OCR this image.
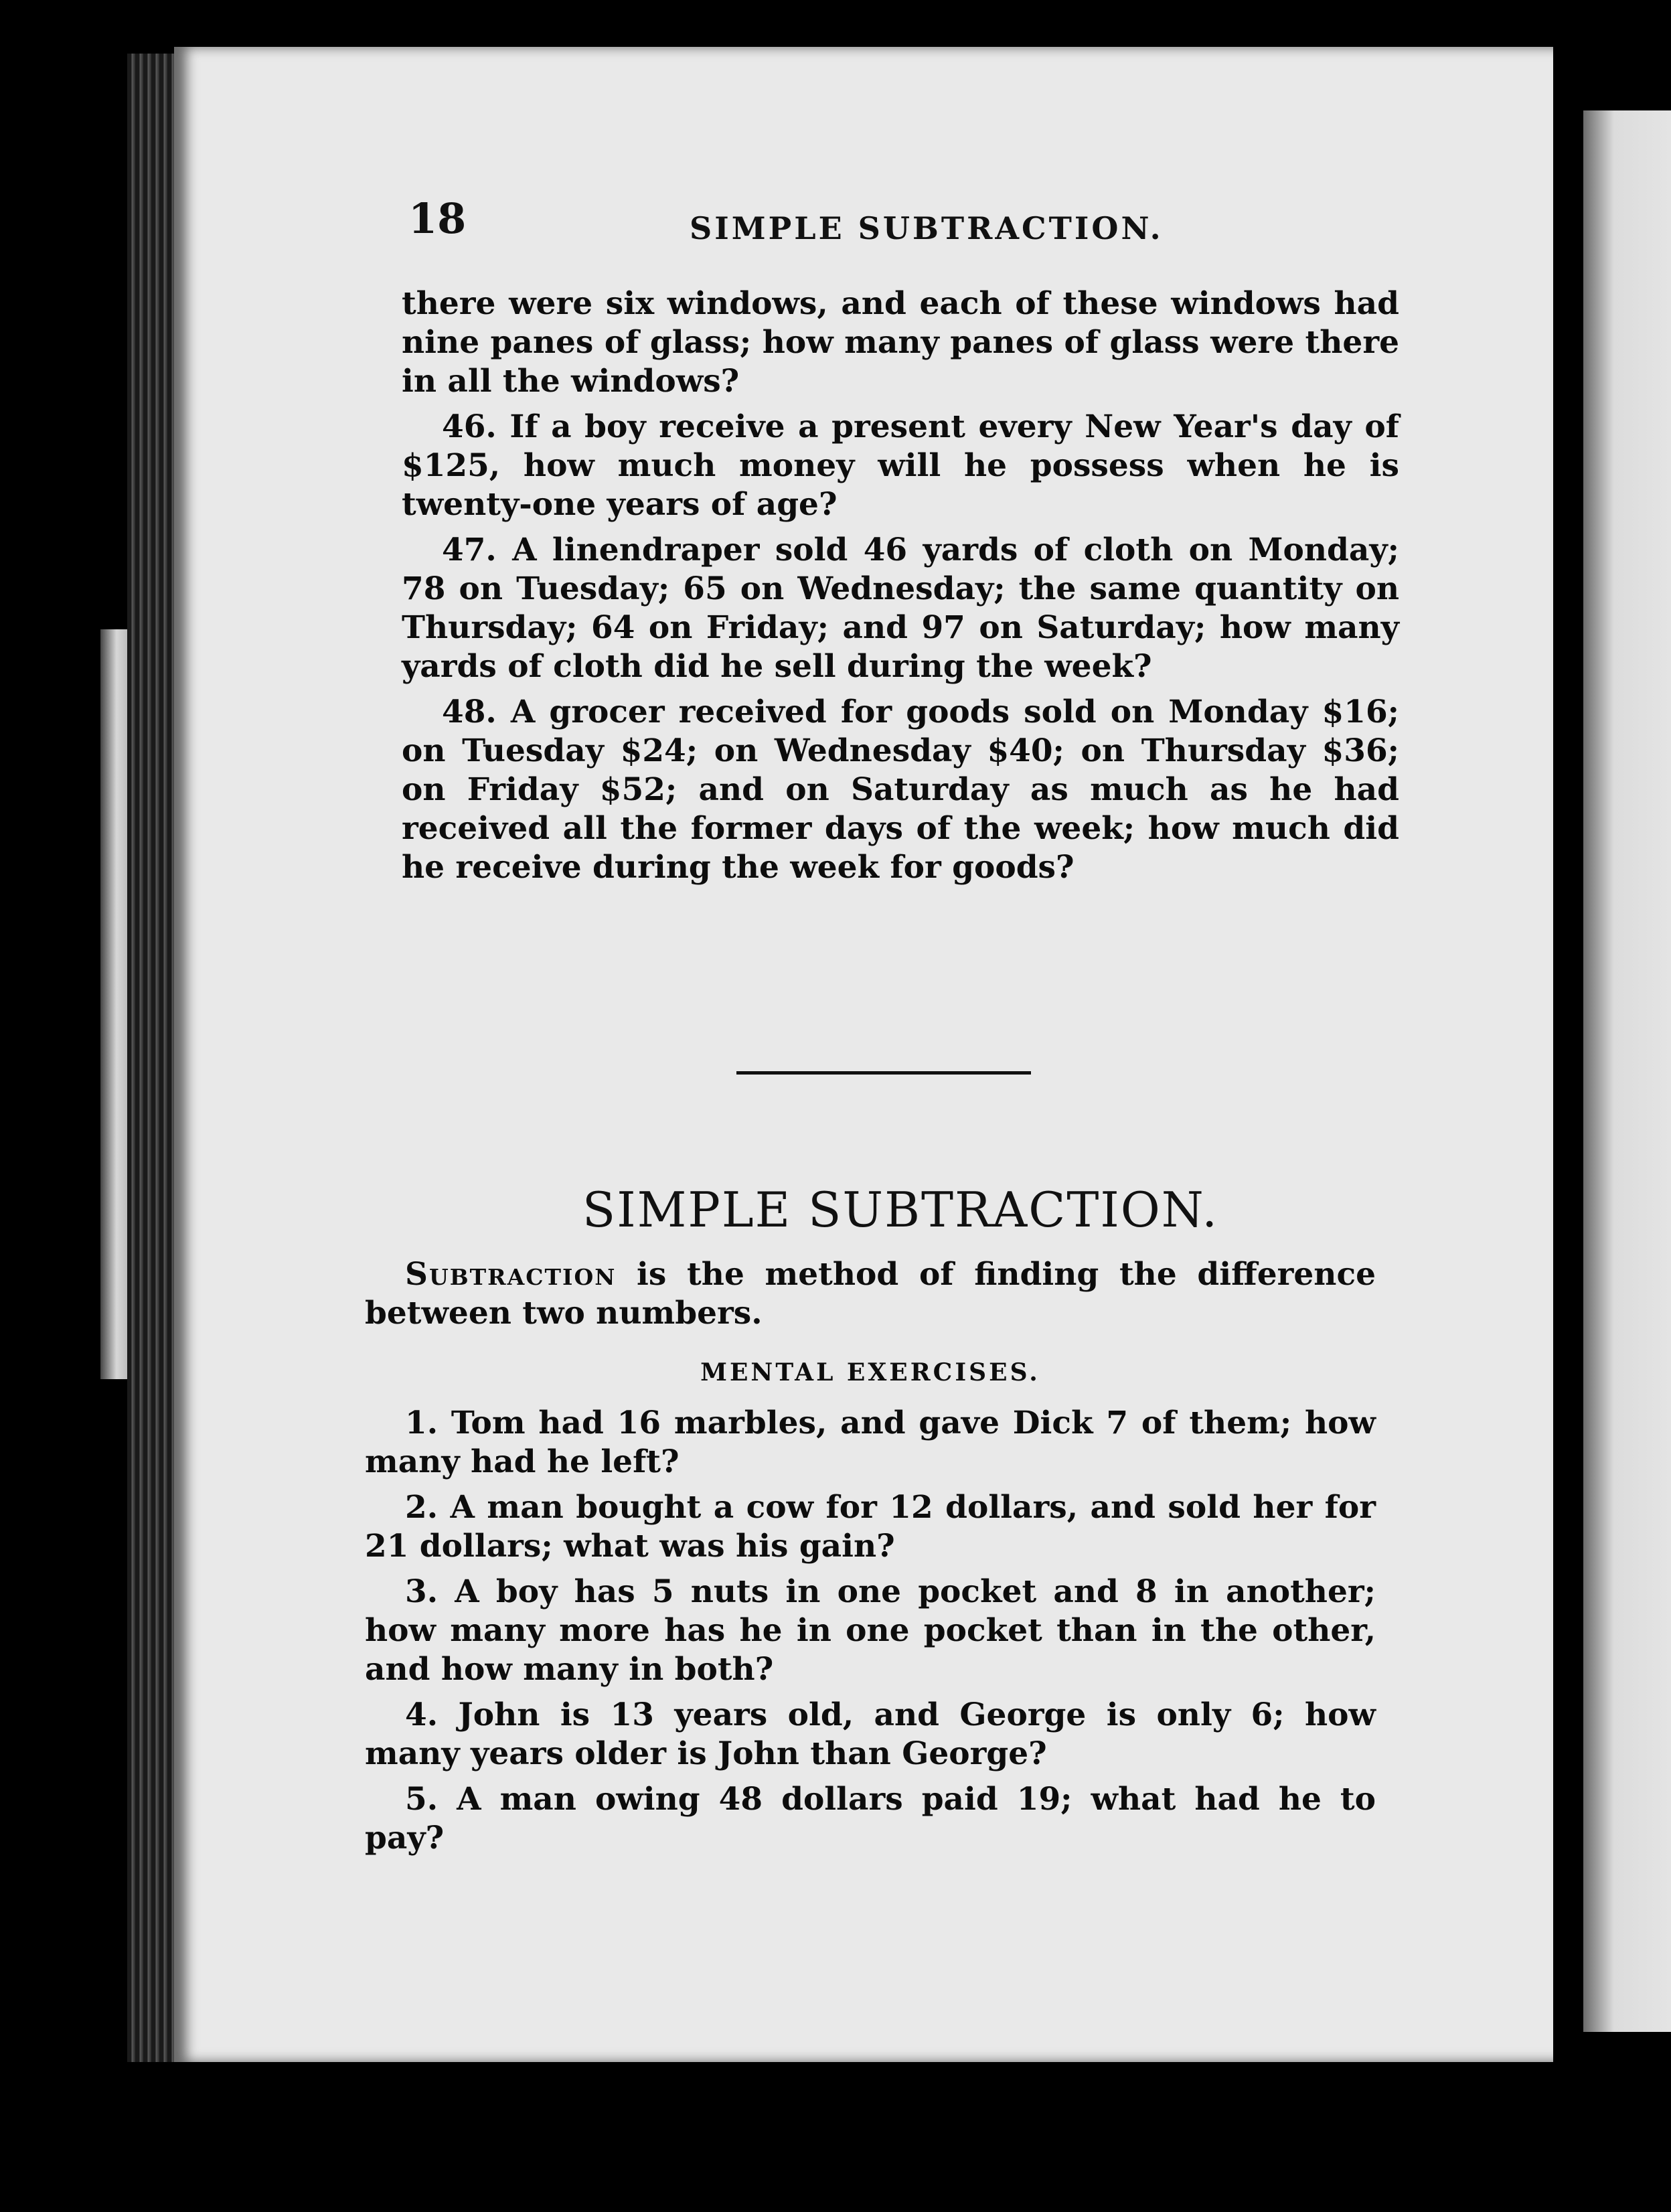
18	SIMPLE SUBTRACTION.

there were six windows, and each of these windows had nine panes of glass; how many panes of glass were there in all the windows?

46. If a boy receive a present every New Year's day of $125, how much money will he possess when he is twenty-one years of age?

47. A linendraper sold 46 yards of cloth on Monday; 78 on Tuesday; 65 on Wednesday; the same quantity on Thursday; 64 on Friday; and 97 on Saturday; how many yards of cloth did he sell during the week?

48. A grocer received for goods sold on Monday $16; on Tuesday $24; on Wednesday $40; on Thursday $36; on Friday $52; and on Saturday as much as he had received all the former days of the week; how much did he receive during the week for goods?

SIMPLE SUBTRACTION.

Subtraction is the method of finding the difference between two numbers.

MENTAL EXERCISES.

1. Tom had 16 marbles, and gave Dick 7 of them; how many had he left?

2. A man bought a cow for 12 dollars, and sold her for 21 dollars; what was his gain?

3. A boy has 5 nuts in one pocket and 8 in another; how many more has he in one pocket than in the other, and how many in both?

4. John is 13 years old, and George is only 6; how many years older is John than George?

5. A man owing 48 dollars paid 19; what had he to pay?
